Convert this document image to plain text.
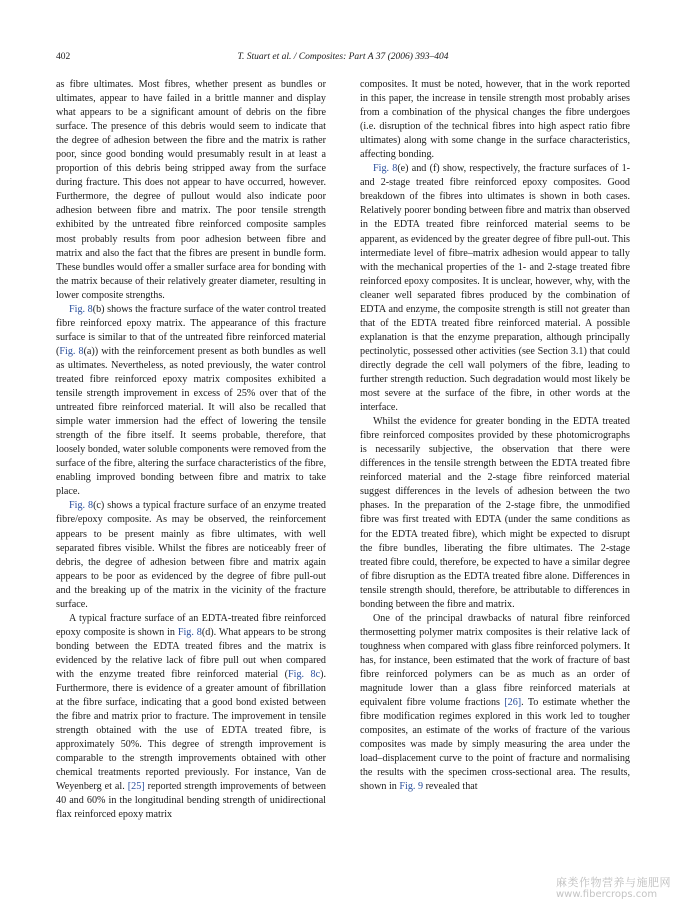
402	T. Stuart et al. / Composites: Part A 37 (2006) 393–404

as fibre ultimates. Most fibres, whether present as bundles or ultimates, appear to have failed in a brittle manner and display what appears to be a significant amount of debris on the fibre surface. The presence of this debris would seem to indicate that the degree of adhesion between the fibre and the matrix is rather poor, since good bonding would presumably result in at least a proportion of this debris being stripped away from the surface during fracture. This does not appear to have occurred, however. Furthermore, the degree of pullout would also indicate poor adhesion between fibre and matrix. The poor tensile strength exhibited by the untreated fibre reinforced composite samples most probably results from poor adhesion between fibre and matrix and also the fact that the fibres are present in bundle form. These bundles would offer a smaller surface area for bonding with the matrix because of their relatively greater diameter, resulting in lower composite strengths.

Fig. 8(b) shows the fracture surface of the water control treated fibre reinforced epoxy matrix. The appearance of this fracture surface is similar to that of the untreated fibre reinforced material (Fig. 8(a)) with the reinforcement present as both bundles as well as ultimates. Nevertheless, as noted previously, the water control treated fibre reinforced epoxy matrix composites exhibited a tensile strength improvement in excess of 25% over that of the untreated fibre reinforced material. It will also be recalled that simple water immersion had the effect of lowering the tensile strength of the fibre itself. It seems probable, therefore, that loosely bonded, water soluble components were removed from the surface of the fibre, altering the surface characteristics of the fibre, enabling improved bonding between fibre and matrix to take place.

Fig. 8(c) shows a typical fracture surface of an enzyme treated fibre/epoxy composite. As may be observed, the reinforcement appears to be present mainly as fibre ultimates, with well separated fibres visible. Whilst the fibres are noticeably freer of debris, the degree of adhesion between fibre and matrix again appears to be poor as evidenced by the degree of fibre pull-out and the breaking up of the matrix in the vicinity of the fracture surface.

A typical fracture surface of an EDTA-treated fibre reinforced epoxy composite is shown in Fig. 8(d). What appears to be strong bonding between the EDTA treated fibres and the matrix is evidenced by the relative lack of fibre pull out when compared with the enzyme treated fibre reinforced material (Fig. 8c). Furthermore, there is evidence of a greater amount of fibrillation at the fibre surface, indicating that a good bond existed between the fibre and matrix prior to fracture. The improvement in tensile strength obtained with the use of EDTA treated fibre, is approximately 50%. This degree of strength improvement is comparable to the strength improvements obtained with other chemical treatments reported previously. For instance, Van de Weyenberg et al. [25] reported strength improvements of between 40 and 60% in the longitudinal bending strength of unidirectional flax reinforced epoxy matrix

composites. It must be noted, however, that in the work reported in this paper, the increase in tensile strength most probably arises from a combination of the physical changes the fibre undergoes (i.e. disruption of the technical fibres into high aspect ratio fibre ultimates) along with some change in the surface characteristics, affecting bonding.

Fig. 8(e) and (f) show, respectively, the fracture surfaces of 1- and 2-stage treated fibre reinforced epoxy composites. Good breakdown of the fibres into ultimates is shown in both cases. Relatively poorer bonding between fibre and matrix than observed in the EDTA treated fibre reinforced material seems to be apparent, as evidenced by the greater degree of fibre pull-out. This intermediate level of fibre–matrix adhesion would appear to tally with the mechanical properties of the 1- and 2-stage treated fibre reinforced epoxy composites. It is unclear, however, why, with the cleaner well separated fibres produced by the combination of EDTA and enzyme, the composite strength is still not greater than that of the EDTA treated fibre reinforced material. A possible explanation is that the enzyme preparation, although principally pectinolytic, possessed other activities (see Section 3.1) that could directly degrade the cell wall polymers of the fibre, leading to further strength reduction. Such degradation would most likely be most severe at the surface of the fibre, in other words at the interface.

Whilst the evidence for greater bonding in the EDTA treated fibre reinforced composites provided by these photomicrographs is necessarily subjective, the observation that there were differences in the tensile strength between the EDTA treated fibre reinforced material and the 2-stage fibre reinforced material suggest differences in the levels of adhesion between the two phases. In the preparation of the 2-stage fibre, the unmodified fibre was first treated with EDTA (under the same conditions as for the EDTA treated fibre), which might be expected to disrupt the fibre bundles, liberating the fibre ultimates. The 2-stage treated fibre could, therefore, be expected to have a similar degree of fibre disruption as the EDTA treated fibre alone. Differences in tensile strength should, therefore, be attributable to differences in bonding between the fibre and matrix.

One of the principal drawbacks of natural fibre reinforced thermosetting polymer matrix composites is their relative lack of toughness when compared with glass fibre reinforced polymers. It has, for instance, been estimated that the work of fracture of bast fibre reinforced polymers can be as much as an order of magnitude lower than a glass fibre reinforced materials at equivalent fibre volume fractions [26]. To estimate whether the fibre modification regimes explored in this work led to tougher composites, an estimate of the works of fracture of the various composites was made by simply measuring the area under the load–displacement curve to the point of fracture and normalising the results with the specimen cross-sectional area. The results, shown in Fig. 9 revealed that

麻类作物营养与施肥网
www.fibercrops.com
